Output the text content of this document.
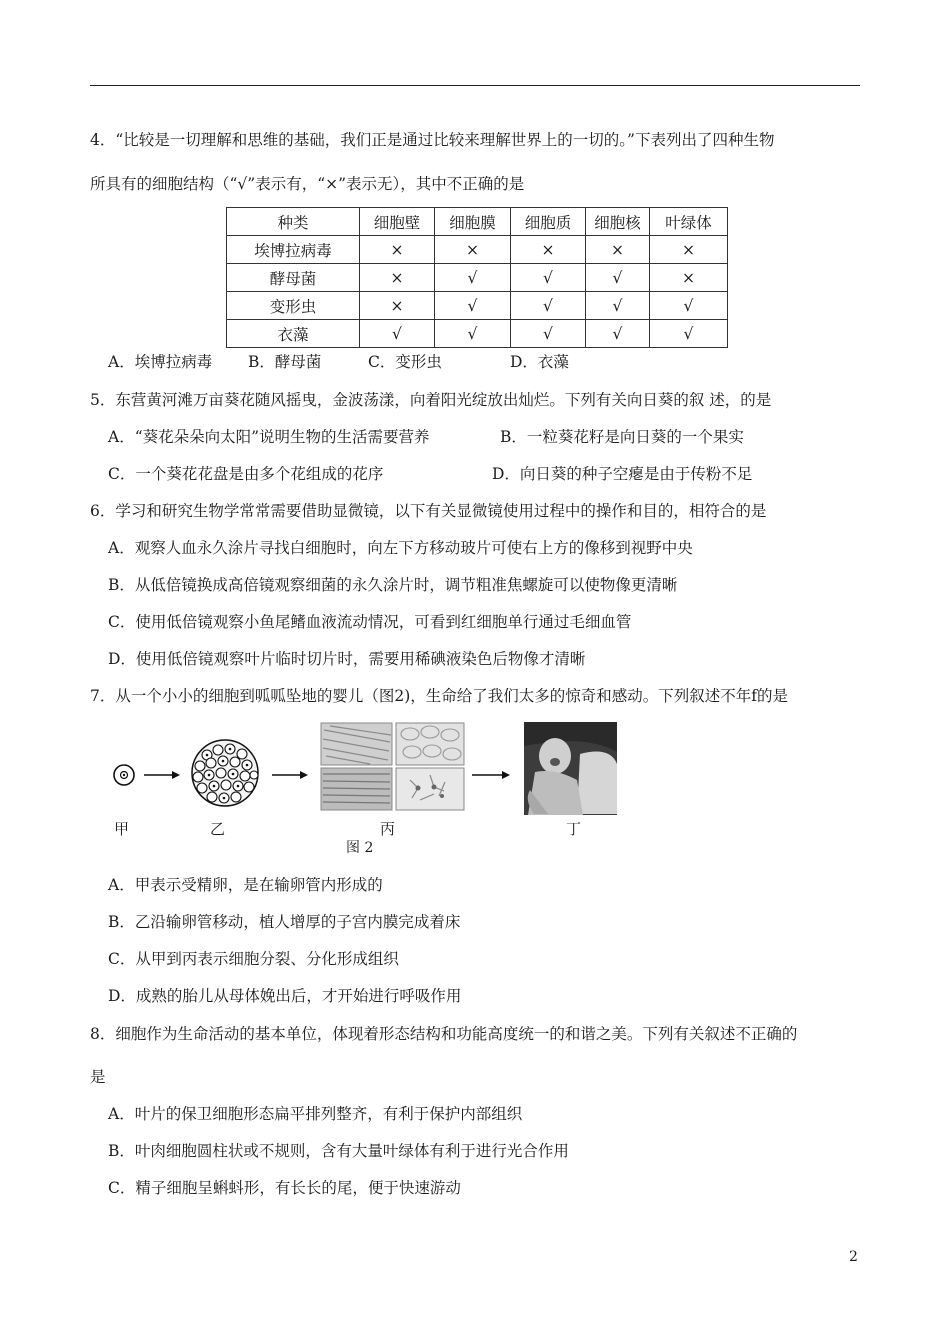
4．“比较是一切理解和思维的基础，我们正是通过比较来理解世界上的一切的。”下表列出了四种生物
所具有的细胞结构（“√”表示有，“×”表示无），其中不正确的是
种类	细胞壁	细胞膜	细胞质	细胞核	叶绿体
埃博拉病毒	×	×	×	×	×
酵母菌	×	√	√	√	×
变形虫	×	√	√	√	√
衣藻	√	√	√	√	√
A．埃博拉病毒 B．酵母菌	C．变形虫	D．衣藻
5．东营黄河滩万亩葵花随风摇曳，金波荡漾，向着阳光绽放出灿烂。下列有关向日葵的叙 述，的是
A．“葵花朵朵向太阳”说明生物的生活需要营养	B．一粒葵花籽是向日葵的一个果实
C．一个葵花花盘是由多个花组成的花序	D．向日葵的种子空瘪是由于传粉不足
6．学习和研究生物学常常需要借助显微镜，以下有关显微镜使用过程中的操作和目的，相符合的是
A．观察人血永久涂片寻找白细胞时，向左下方移动玻片可使右上方的像移到视野中央
B．从低倍镜换成高倍镜观察细菌的永久涂片时，调节粗准焦螺旋可以使物像更清晰
C．使用低倍镜观察小鱼尾鳍血液流动情况，可看到红细胞单行通过毛细血管
D．使用低倍镜观察叶片临时切片时，需要用稀碘液染色后物像才清晰
7．从一个小小的细胞到呱呱坠地的婴儿（图2)，生命给了我们太多的惊奇和感动。下列叙述不年f的是
甲	乙	丙	丁
图 2
A．甲表示受精卵，是在输卵管内形成的
B．乙沿输卵管移动，植人增厚的子宫内膜完成着床
C．从甲到丙表示细胞分裂、分化形成组织
D．成熟的胎儿从母体娩出后，才开始进行呼吸作用
8．细胞作为生命活动的基本单位，体现着形态结构和功能高度统一的和谐之美。下列有关叙述不正确的
是
A．叶片的保卫细胞形态扁平排列整齐，有利于保护内部组织
B．叶肉细胞圆柱状或不规则，含有大量叶绿体有利于进行光合作用
C．精子细胞呈蝌蚪形，有长长的尾，便于快速游动
2
